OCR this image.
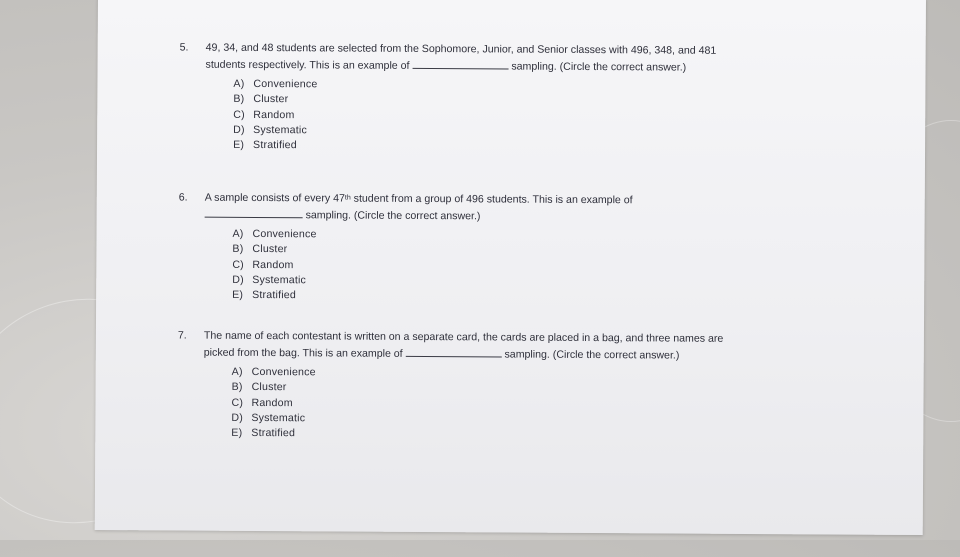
5. 49, 34, and 48 students are selected from the Sophomore, Junior, and Senior classes with 496, 348, and 481 students respectively. This is an example of	sampling. (Circle the correct answer.)

A) Convenience
B) Cluster
C) Random
D) Systematic
E) Stratified
6. A sample consists of every 47th student from a group of 496 students. This is an example of
sampling. (Circle the correct answer.)

A) Convenience
B) Cluster
C) Random
D) Systematic
E) Stratified
7. The name of each contestant is written on a separate card, the cards are placed in a bag, and three names are picked from the bag. This is an example of	sampling. (Circle the correct answer.)

A) Convenience
B) Cluster
C) Random
D) Systematic
E) Stratified
